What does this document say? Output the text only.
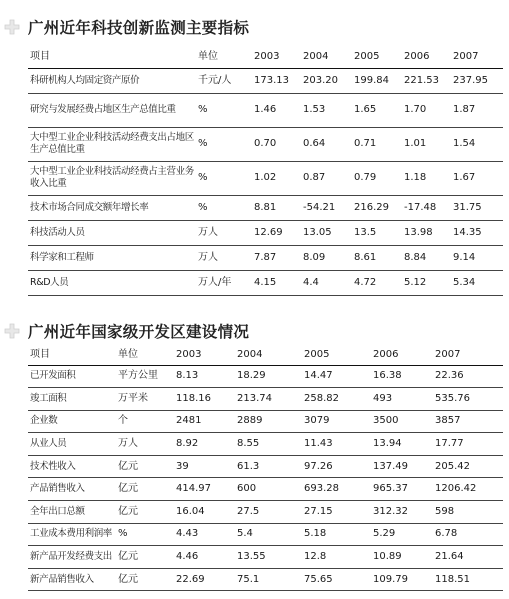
广州近年科技创新监测主要指标
项目	单位	2003	2004	2005	2006	2007
科研机构人均固定资产原价	千元/人	173.13	203.20	199.84	221.53	237.95
研究与发展经费占地区生产总值比重	%	1.46	1.53	1.65	1.70	1.87
大中型工业企业科技活动经费支出占地区生产总值比重	%	0.70	0.64	0.71	1.01	1.54
大中型工业企业科技活动经费占主营业务收入比重	%	1.02	0.87	0.79	1.18	1.67
技术市场合同成交额年增长率	%	8.81	-54.21	216.29	-17.48	31.75
科技活动人员	万人	12.69	13.05	13.5	13.98	14.35
科学家和工程师	万人	7.87	8.09	8.61	8.84	9.14
R&D人员	万人/年	4.15	4.4	4.72	5.12	5.34
广州近年国家级开发区建设情况
项目	单位	2003	2004	2005	2006	2007
已开发面积	平方公里	8.13	18.29	14.47	16.38	22.36
竣工面积	万平米	118.16	213.74	258.82	493	535.76
企业数	个	2481	2889	3079	3500	3857
从业人员	万人	8.92	8.55	11.43	13.94	17.77
技术性收入	亿元	39	61.3	97.26	137.49	205.42
产品销售收入	亿元	414.97	600	693.28	965.37	1206.42
全年出口总额	亿元	16.04	27.5	27.15	312.32	598
工业成本费用利润率	%	4.43	5.4	5.18	5.29	6.78
新产品开发经费支出	亿元	4.46	13.55	12.8	10.89	21.64
新产品销售收入	亿元	22.69	75.1	75.65	109.79	118.51
